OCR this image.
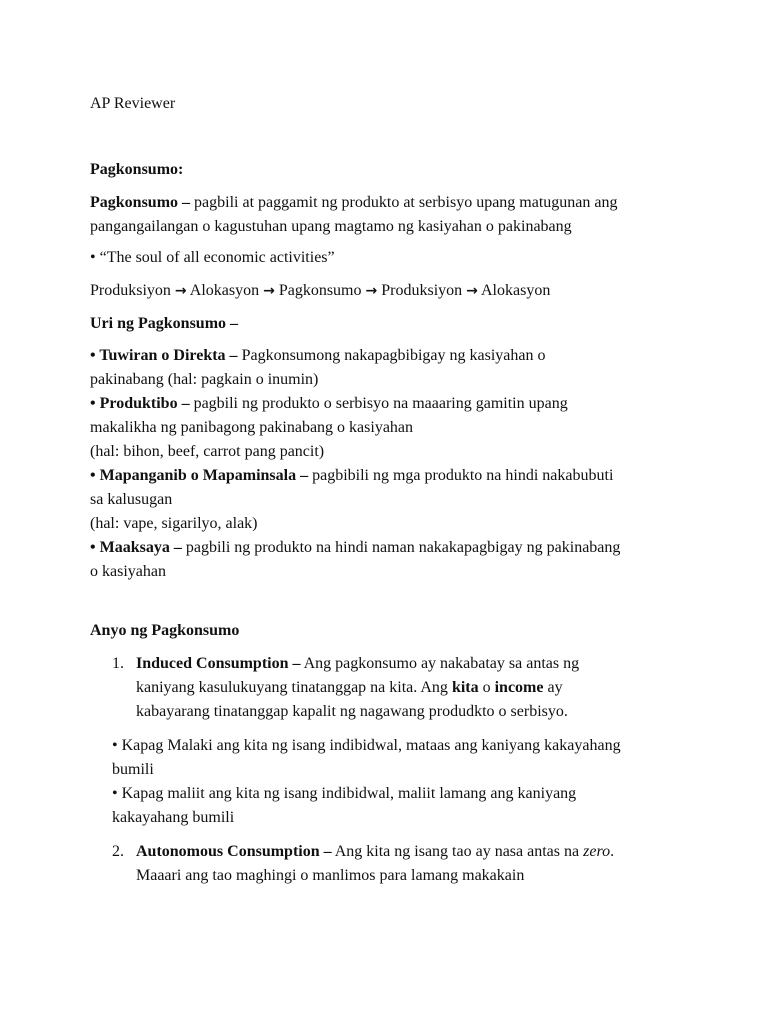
AP Reviewer

Pagkonsumo:

Pagkonsumo – pagbili at paggamit ng produkto at serbisyo upang matugunan ang
pangangailangan o kagustuhan upang magtamo ng kasiyahan o pakinabang

• “The soul of all economic activities”

Produksiyon → Alokasyon → Pagkonsumo → Produksiyon → Alokasyon

Uri ng Pagkonsumo –

• Tuwiran o Direkta – Pagkonsumong nakapagbibigay ng kasiyahan o
pakinabang (hal: pagkain o inumin)
• Produktibo – pagbili ng produkto o serbisyo na maaaring gamitin upang
makalikha ng panibagong pakinabang o kasiyahan
(hal: bihon, beef, carrot pang pancit)
• Mapanganib o Mapaminsala – pagbibili ng mga produkto na hindi nakabubuti
sa kalusugan
(hal: vape, sigarilyo, alak)
• Maaksaya – pagbili ng produkto na hindi naman nakakapagbigay ng pakinabang
o kasiyahan

Anyo ng Pagkonsumo

1. Induced Consumption – Ang pagkonsumo ay nakabatay sa antas ng
kaniyang kasulukuyang tinatanggap na kita. Ang kita o income ay
kabayarang tinatanggap kapalit ng nagawang produdkto o serbisyo.
• Kapag Malaki ang kita ng isang indibidwal, mataas ang kaniyang kakayahang
bumili
• Kapag maliit ang kita ng isang indibidwal, maliit lamang ang kaniyang
kakayahang bumili
2. Autonomous Consumption – Ang kita ng isang tao ay nasa antas na zero.
Maaari ang tao maghingi o manlimos para lamang makakain
